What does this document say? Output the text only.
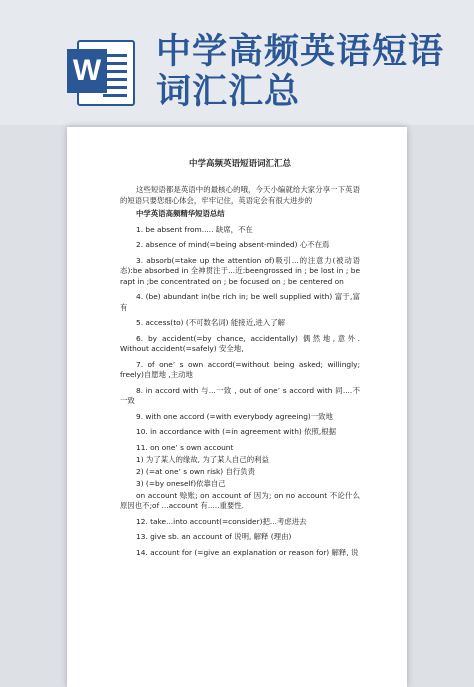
W 中学高频英语短语
词汇汇总
中学高频英语短语词汇汇总

这些短语都是英语中的最核心的哦，今天小编就给大家分享一下英语的短语只要您细心体会，牢牢记住，英语定会有很大进步的

中学英语高频精华短语总结

1. be absent from..... 缺席，不在

2. absence of mind(=being absent-minded) 心不在焉

3. absorb(=take up the attention of)吸引...的注意力(被动语态):be absorbed in 全神贯注于...近:beengrossed in ; be lost in ; be rapt in ;be concentrated on ; be focused on ; be centered on

4. (be) abundant in(be rich in; be well supplied with) 富于,富有

5. access(to) (不可数名词) 能接近,进入了解

6. by accident(=by chance, accidentally) 偶然地,意外. Without accident(=safely) 安全地,

7. of one’ s own accord(=without being asked; willingly; freely)自愿地 ,主动地

8. in accord with 与...一致 , out of one’ s accord with 同....不一致

9. with one accord (=with everybody agreeing)一致地

10. in accordance with (=in agreement with) 依照,根据

11. on one’ s own account

1) 为了某人的缘故, 为了某人自己的利益

2) (=at one’ s own risk) 自行负责

3) (=by oneself)依靠自己

on account 赊账; on account of 因为; on no account 不论什么原因也不;of ...account 有.....重要性.

12. take...into account(=consider)把...考虑进去

13. give sb. an account of 说明, 解释 (理由)

14. account for (=give an explanation or reason for) 解释, 说
